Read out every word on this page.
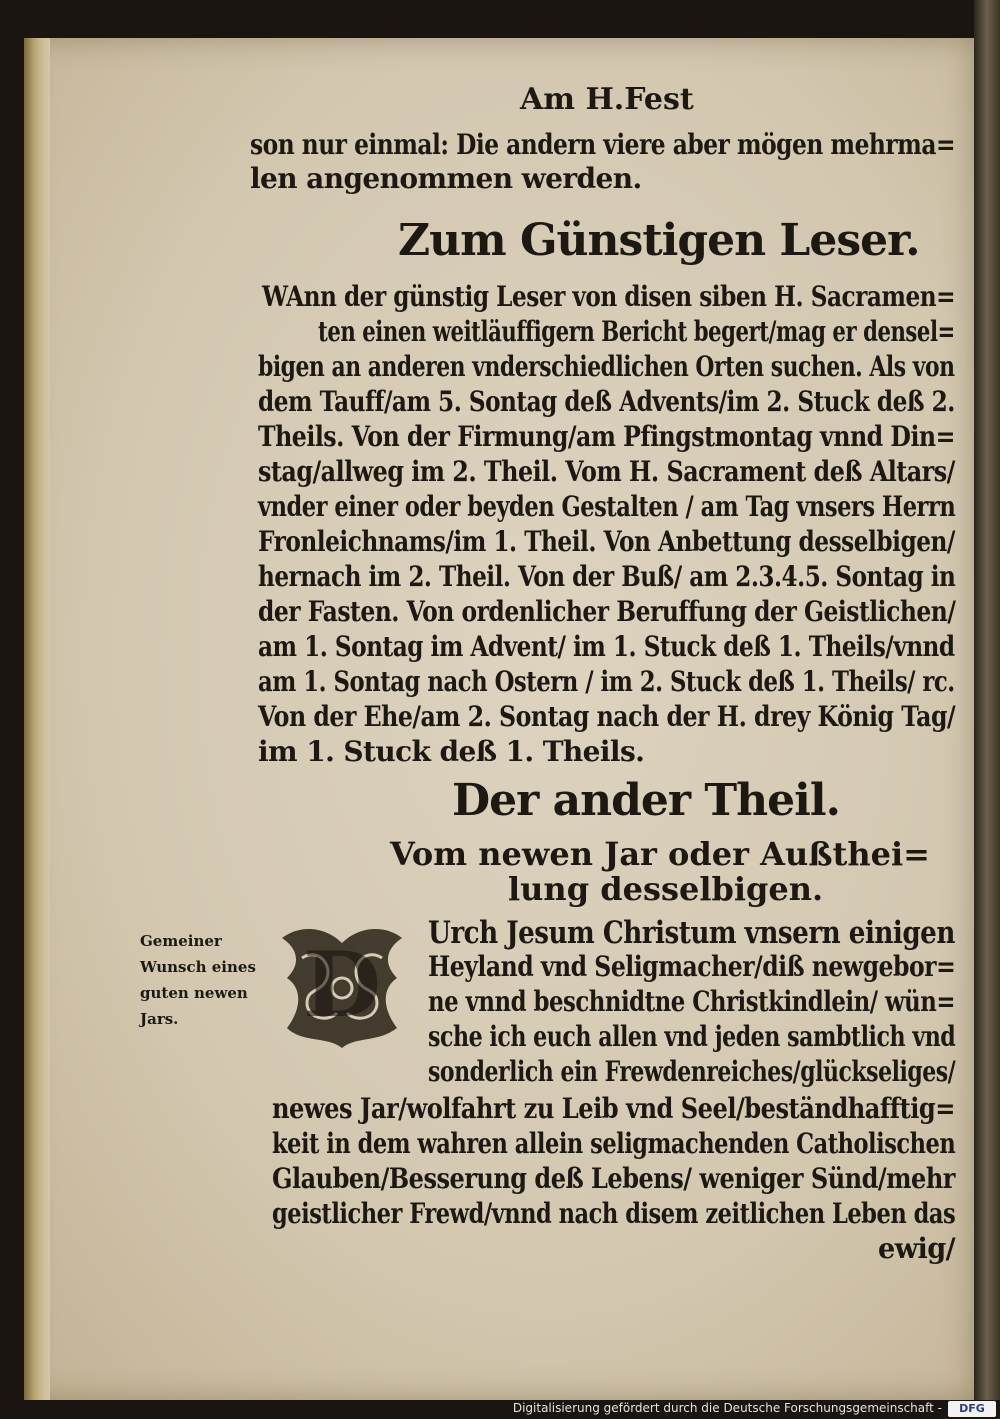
Am H.Fest
son nur einmal: Die andern viere aber mögen mehrma=
len angenommen werden.
Zum Günstigen Leser.
WAnn der günstig Leser von disen siben H. Sacramen=
ten einen weitläuffigern Bericht begert/mag er densel=
bigen an anderen vnderschiedlichen Orten suchen. Als von
dem Tauff/am 5. Sontag deß Advents/im 2. Stuck deß 2.
Theils. Von der Firmung/am Pfingstmontag vnnd Din=
stag/allweg im 2. Theil. Vom H. Sacrament deß Altars/
vnder einer oder beyden Gestalten / am Tag vnsers Herrn
Fronleichnams/im 1. Theil. Von Anbettung desselbigen/
hernach im 2. Theil. Von der Buß/ am 2.3.4.5. Sontag in
der Fasten. Von ordenlicher Beruffung der Geistlichen/
am 1. Sontag im Advent/ im 1. Stuck deß 1. Theils/vnnd
am 1. Sontag nach Ostern / im 2. Stuck deß 1. Theils/ rc.
Von der Ehe/am 2. Sontag nach der H. drey König Tag/
im 1. Stuck deß 1. Theils.
Der ander Theil.
Vom newen Jar oder Außthei=
lung desselbigen.
Gemeiner
Wunsch eines
guten newen
Jars.	D Urch Jesum Christum vnsern einigen
Heyland vnd Seligmacher/diß newgebor=
ne vnnd beschnidtne Christkindlein/ wün=
sche ich euch allen vnd jeden sambtlich vnd
sonderlich ein Frewdenreiches/glückseliges/
newes Jar/wolfahrt zu Leib vnd Seel/beständhafftig=
keit in dem wahren allein seligmachenden Catholischen
Glauben/Besserung deß Lebens/ weniger Sünd/mehr
geistlicher Frewd/vnnd nach disem zeitlichen Leben das
ewig/
Digitalisierung gefördert durch die Deutsche Forschungsgemeinschaft -	DFG
